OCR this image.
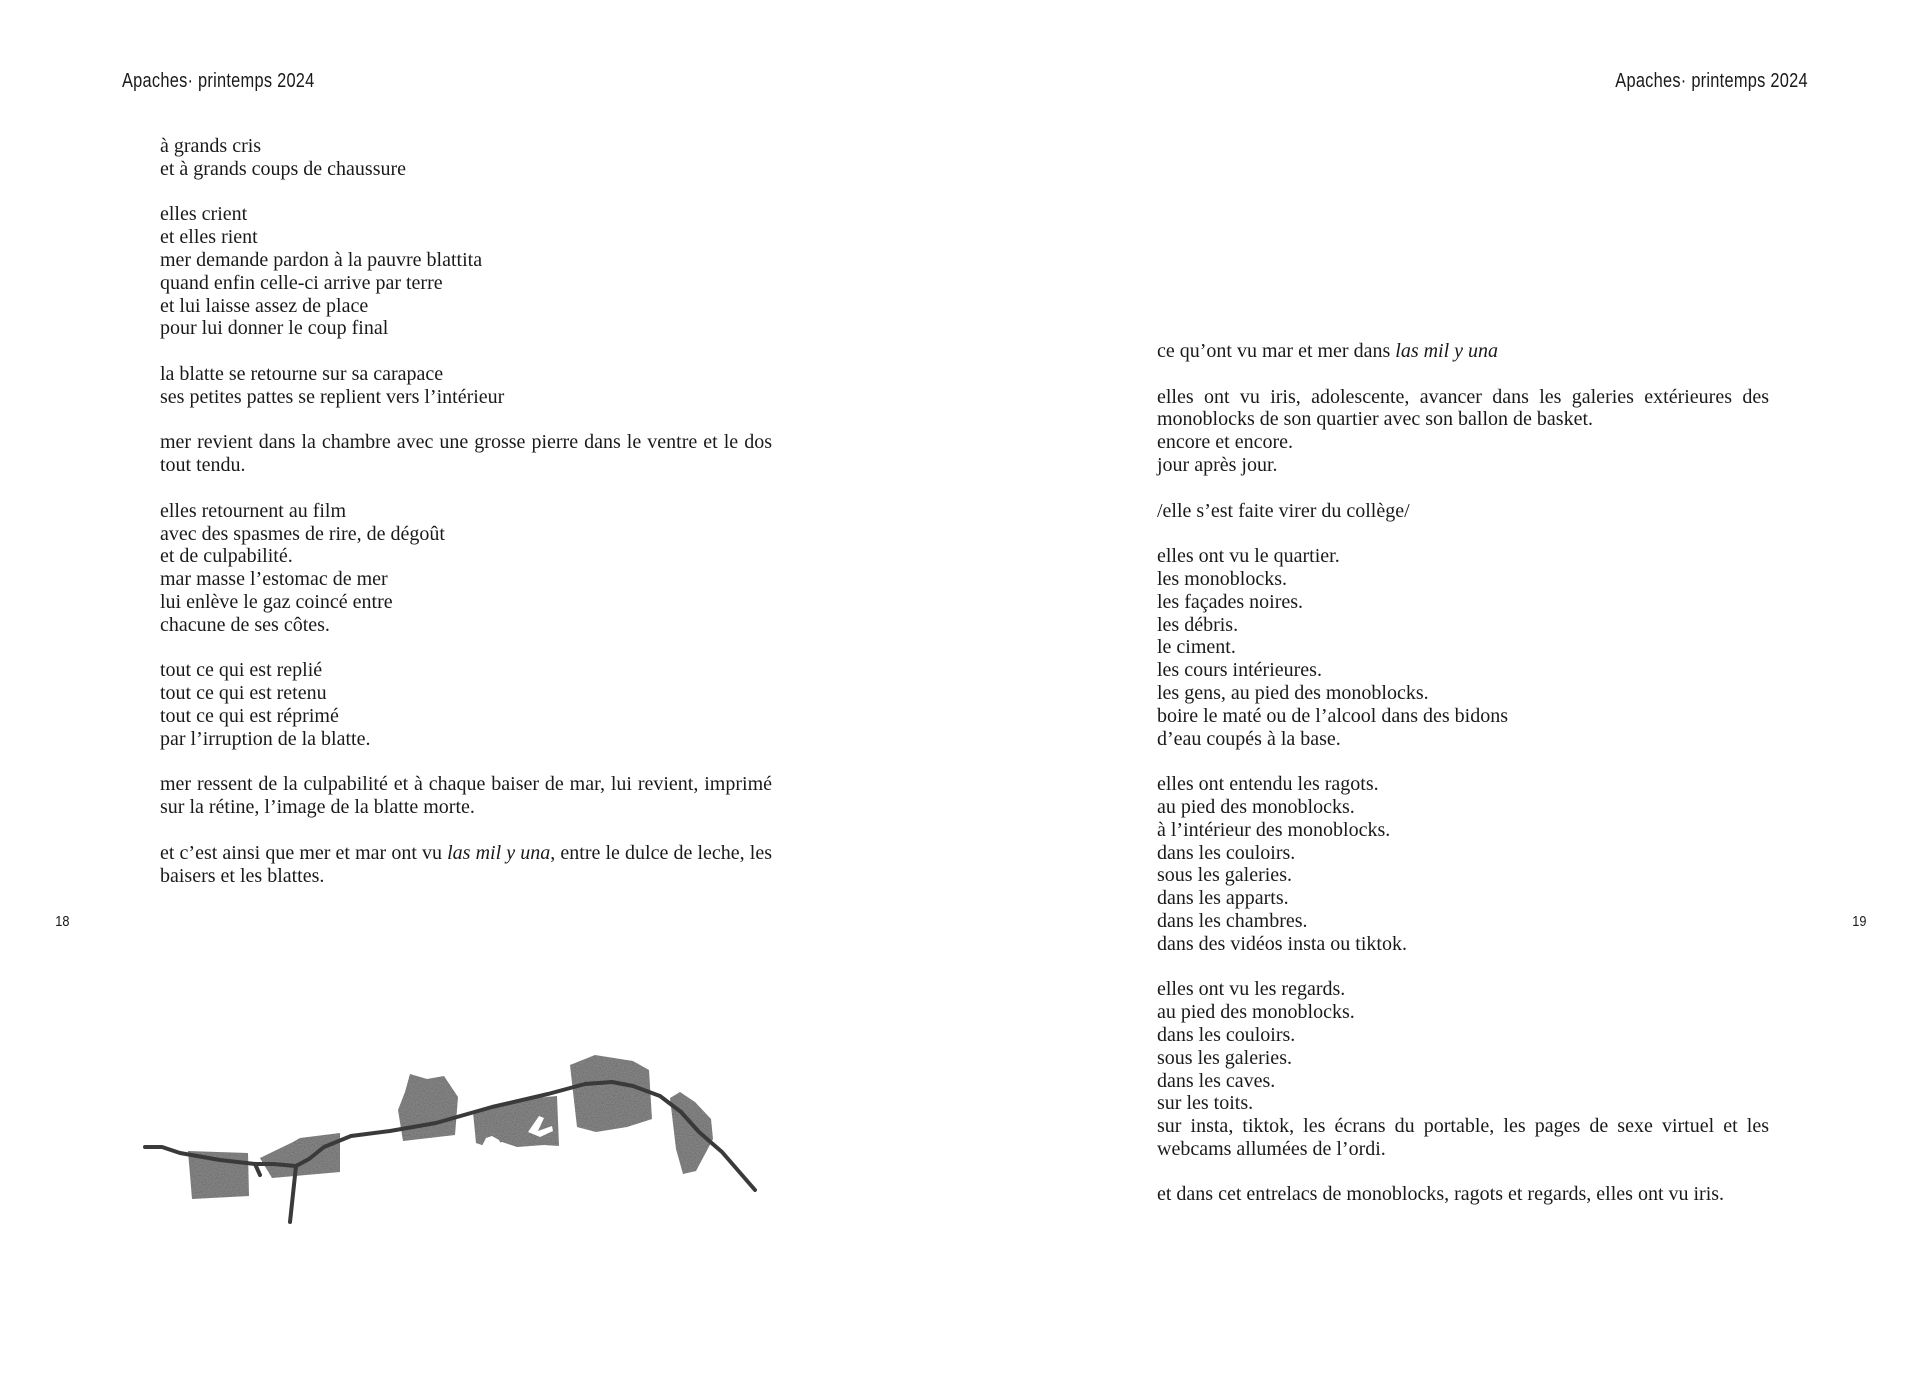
Apaches· printemps 2024	Apaches· printemps 2024
18	19

à grands cris

et à grands coups de chaussure

elles crient

et elles rient

mer demande pardon à la pauvre blattita

quand enfin celle-ci arrive par terre

et lui laisse assez de place

pour lui donner le coup final

la blatte se retourne sur sa carapace

ses petites pattes se replient vers l’intérieur

mer revient dans la chambre avec une grosse pierre dans le ventre et le dos tout tendu.

elles retournent au film

avec des spasmes de rire, de dégoût

et de culpabilité.

mar masse l’estomac de mer

lui enlève le gaz coincé entre

chacune de ses côtes.

tout ce qui est replié

tout ce qui est retenu

tout ce qui est réprimé

par l’irruption de la blatte.

mer ressent de la culpabilité et à chaque baiser de mar, lui revient, imprimé sur la rétine, l’image de la blatte morte.

et c’est ainsi que mer et mar ont vu las mil y una, entre le dulce de leche, les baisers et les blattes.

ce qu’ont vu mar et mer dans las mil y una

elles ont vu iris, adolescente, avancer dans les galeries extérieures des monoblocks de son quartier avec son ballon de basket.

encore et encore.

jour après jour.

/elle s’est faite virer du collège/

elles ont vu le quartier.

les monoblocks.

les façades noires.

les débris.

le ciment.

les cours intérieures.

les gens, au pied des monoblocks.

boire le maté ou de l’alcool dans des bidons

d’eau coupés à la base.

elles ont entendu les ragots.

au pied des monoblocks.

à l’intérieur des monoblocks.

dans les couloirs.

sous les galeries.

dans les apparts.

dans les chambres.

dans des vidéos insta ou tiktok.

elles ont vu les regards.

au pied des monoblocks.

dans les couloirs.

sous les galeries.

dans les caves.

sur les toits.

sur insta, tiktok, les écrans du portable, les pages de sexe virtuel et les webcams allumées de l’ordi.

et dans cet entrelacs de monoblocks, ragots et regards, elles ont vu iris.
